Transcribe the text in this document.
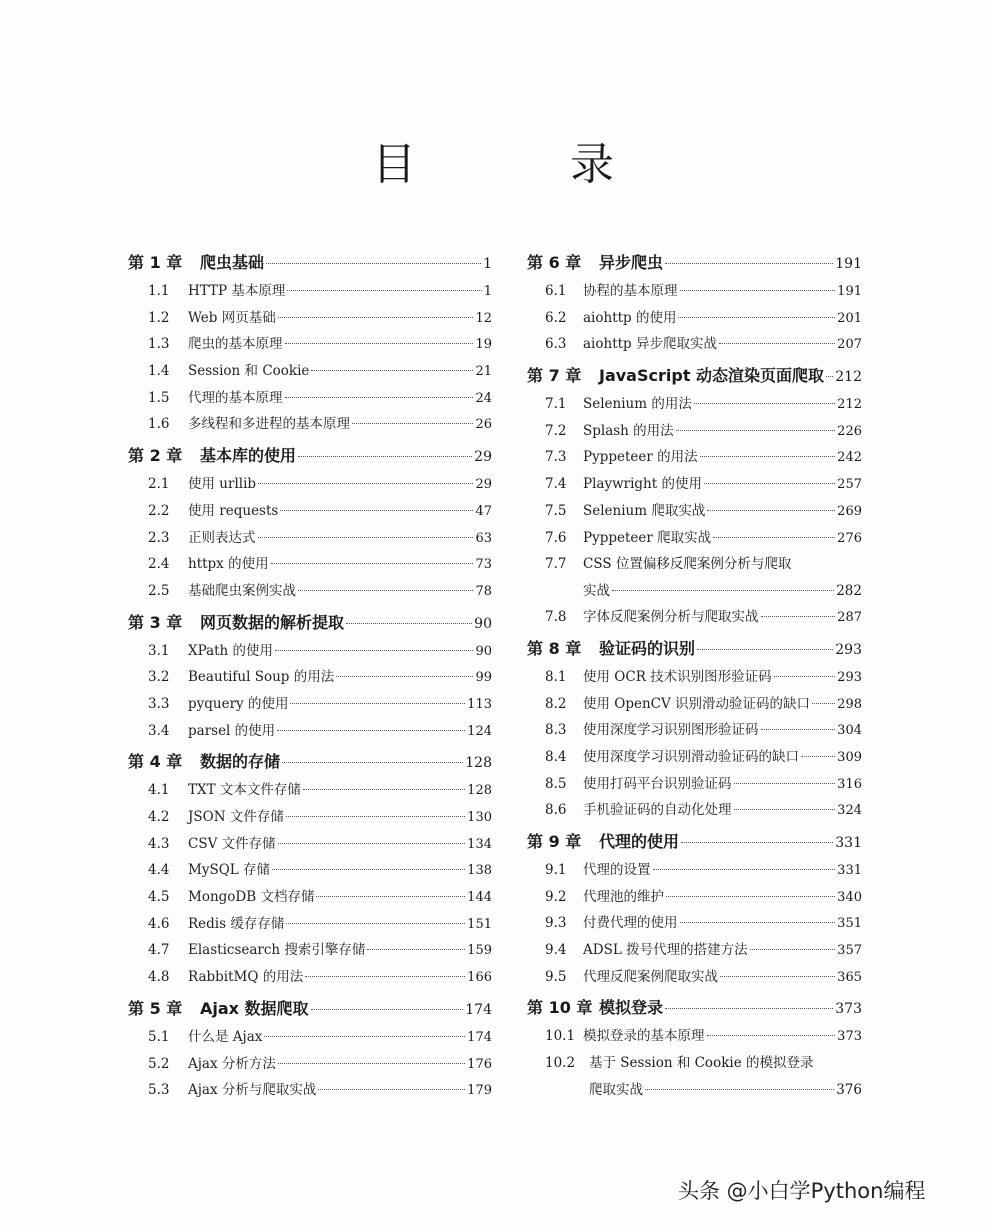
目 录
第 1 章	爬虫基础	1
1.1	HTTP 基本原理	1
1.2	Web 网页基础	12
1.3	爬虫的基本原理	19
1.4	Session 和 Cookie	21
1.5	代理的基本原理	24
1.6	多线程和多进程的基本原理	26
第 2 章	基本库的使用	29
2.1	使用 urllib	29
2.2	使用 requests	47
2.3	正则表达式	63
2.4	httpx 的使用	73
2.5	基础爬虫案例实战	78
第 3 章	网页数据的解析提取	90
3.1	XPath 的使用	90
3.2	Beautiful Soup 的用法	99
3.3	pyquery 的使用	113
3.4	parsel 的使用	124
第 4 章	数据的存储	128
4.1	TXT 文本文件存储	128
4.2	JSON 文件存储	130
4.3	CSV 文件存储	134
4.4	MySQL 存储	138
4.5	MongoDB 文档存储	144
4.6	Redis 缓存存储	151
4.7	Elasticsearch 搜索引擎存储	159
4.8	RabbitMQ 的用法	166
第 5 章	Ajax 数据爬取	174
5.1	什么是 Ajax	174
5.2	Ajax 分析方法	176
5.3	Ajax 分析与爬取实战	179
第 6 章	异步爬虫	191
6.1	协程的基本原理	191
6.2	aiohttp 的使用	201
6.3	aiohttp 异步爬取实战	207
第 7 章	JavaScript 动态渲染页面爬取 212
7.1	Selenium 的用法	212
7.2	Splash 的用法	226
7.3	Pyppeteer 的用法	242
7.4	Playwright 的使用	257
7.5	Selenium 爬取实战	269
7.6	Pyppeteer 爬取实战	276
7.7	CSS 位置偏移反爬案例分析与爬取
实战	282
7.8	字体反爬案例分析与爬取实战	287
第 8 章	验证码的识别	293
8.1	使用 OCR 技术识别图形验证码	293
8.2	使用 OpenCV 识别滑动验证码的缺口 298
8.3	使用深度学习识别图形验证码	304
8.4	使用深度学习识别滑动验证码的缺口	309
8.5	使用打码平台识别验证码	316
8.6	手机验证码的自动化处理	324
第 9 章	代理的使用	331
9.1	代理的设置	331
9.2	代理池的维护	340
9.3	付费代理的使用	351
9.4	ADSL 拨号代理的搭建方法	357
9.5	代理反爬案例爬取实战	365
第 10 章 模拟登录	373
10.1 模拟登录的基本原理	373
10.2	基于 Session 和 Cookie 的模拟登录
爬取实战	376
头条 @小白学Python编程
